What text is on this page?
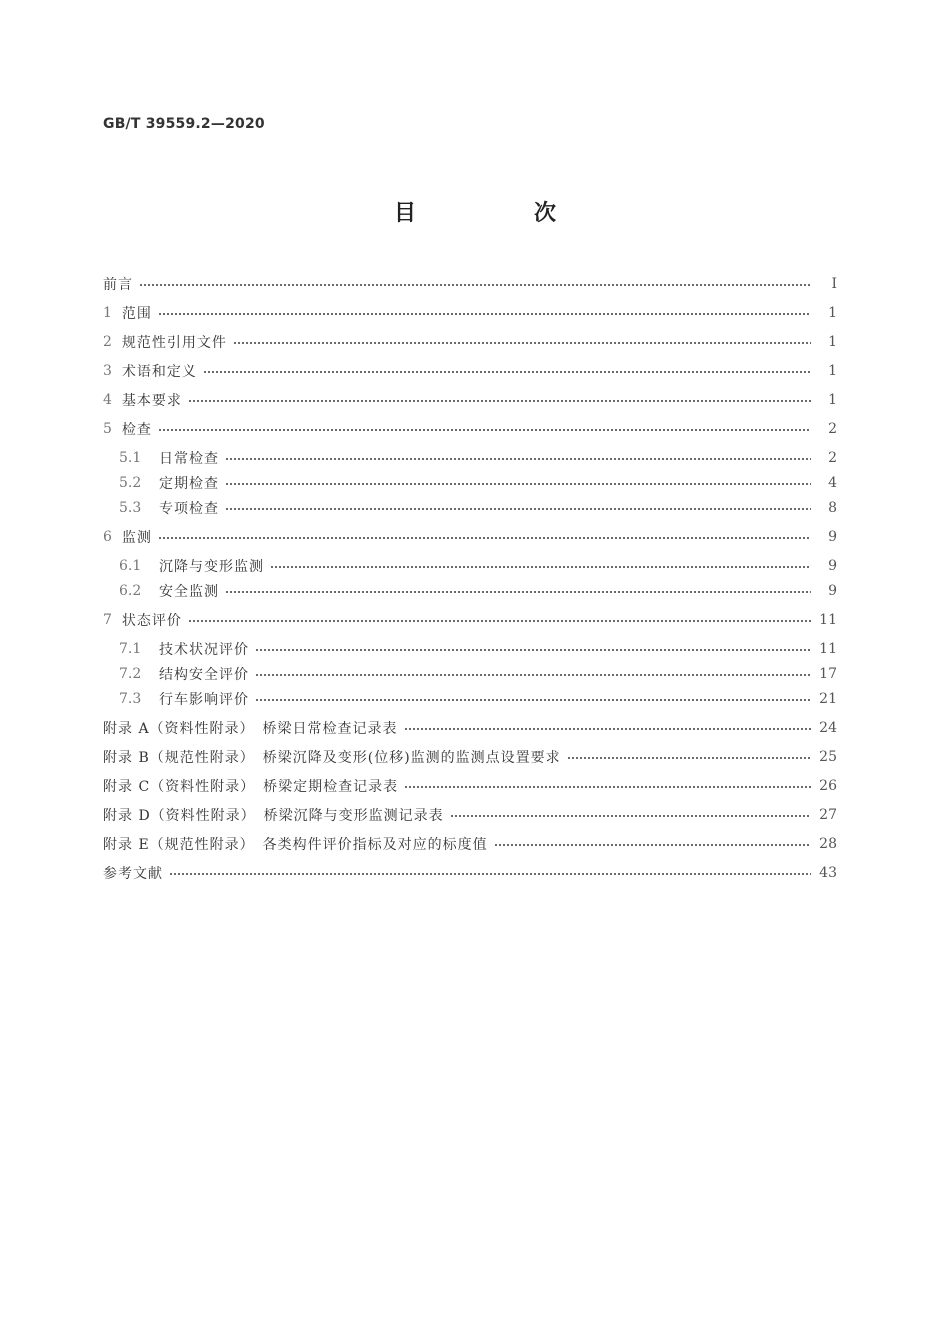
GB/T 39559.2—2020
目　次
前言	Ⅰ
1 范围	1
2 规范性引用文件	1
3 术语和定义	1
4 基本要求	1
5 检查	2
5.1	日常检查	2
5.2	定期检查	4
5.3	专项检查	8
6 监测	9
6.1	沉降与变形监测	9
6.2	安全监测	9
7 状态评价	11
7.1	技术状况评价	11
7.2	结构安全评价	17
7.3	行车影响评价	21
附录 A（资料性附录）　桥梁日常检查记录表	24
附录 B（规范性附录）　桥梁沉降及变形(位移)监测的监测点设置要求	25
附录 C（资料性附录）　桥梁定期检查记录表	26
附录 D（资料性附录）　桥梁沉降与变形监测记录表	27
附录 E（规范性附录）　各类构件评价指标及对应的标度值	28
参考文献	43
